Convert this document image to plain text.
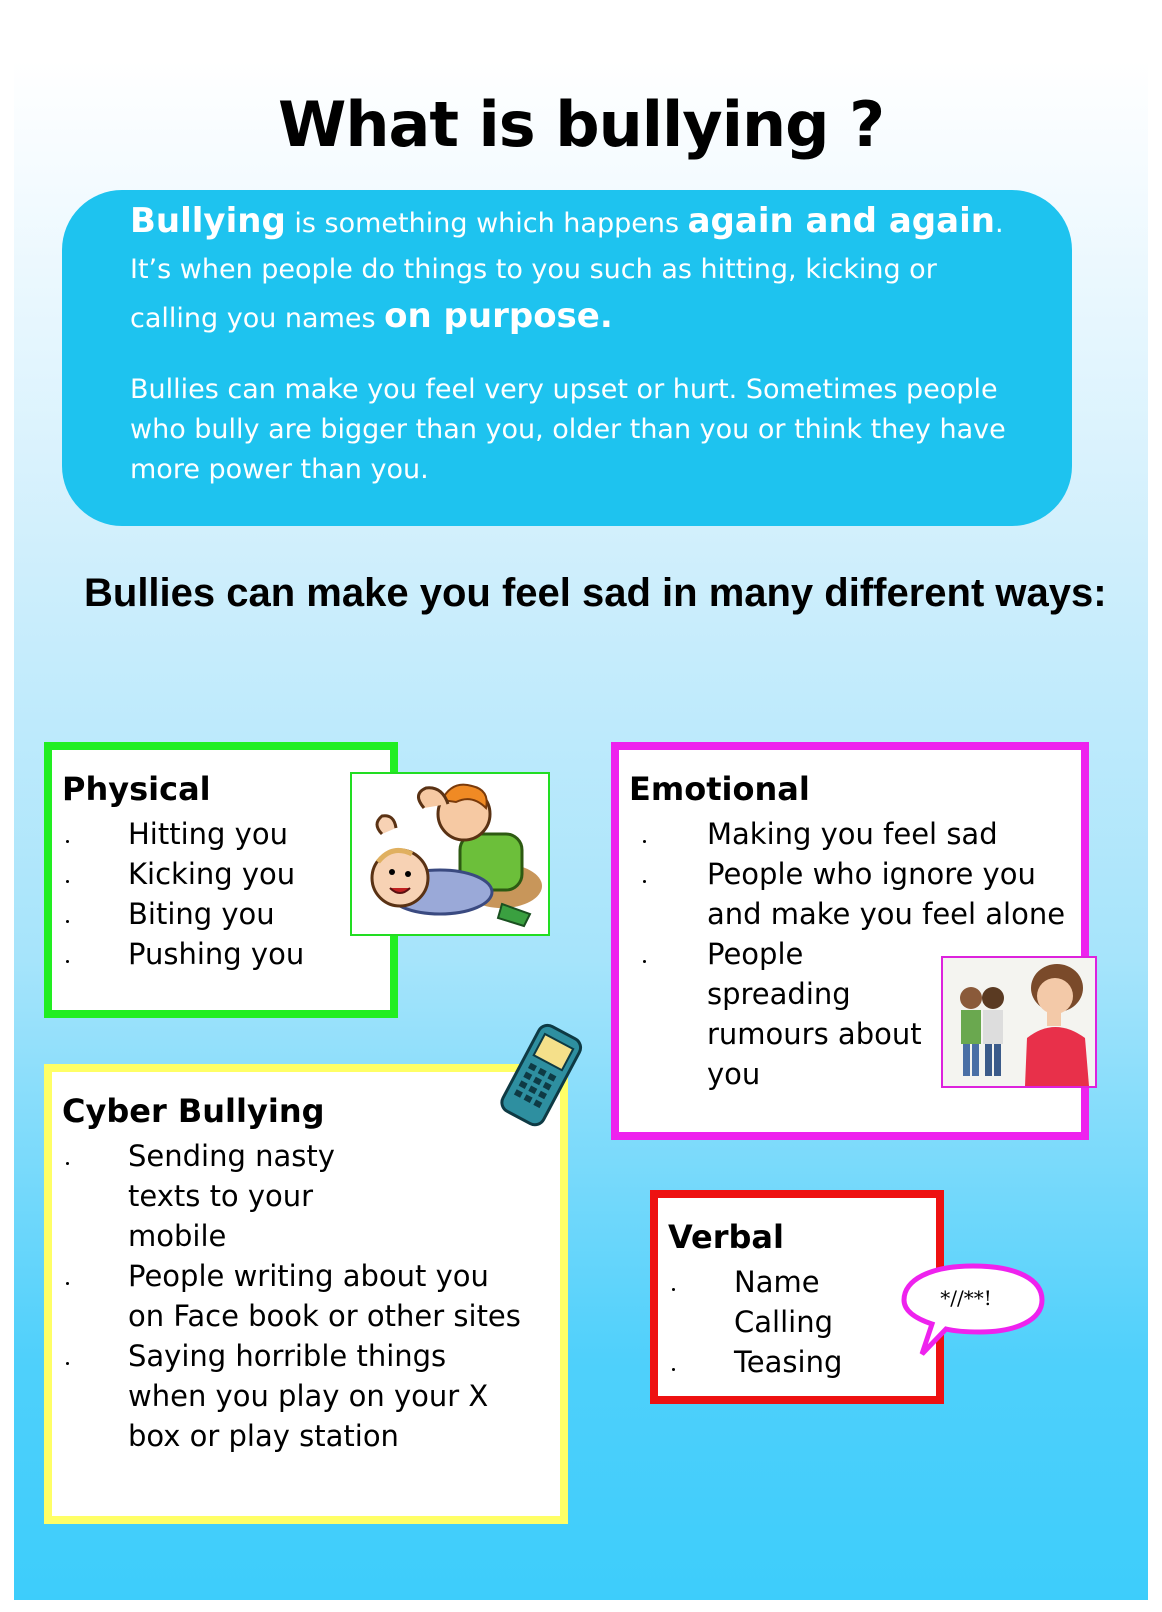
What is bullying ?

Bullying is something which happens again and again. It’s when people do things to you such as hitting, kicking or calling you names on purpose.

Bullies can make you feel very upset or hurt. Sometimes people who bully are bigger than you, older than you or think they have more power than you.

Bullies can make you feel sad in many different ways:
Physical
Hitting you
Kicking you
Biting you
Pushing you
Emotional
Making you feel sad
People who ignore you and make you feel alone
People spreading rumours about you
Cyber Bullying
Sending nasty texts to your mobile
People writing about you on Face book or other sites
Saying horrible things when you play on your X box or play station
Verbal
Name Calling
Teasing
*//**!
